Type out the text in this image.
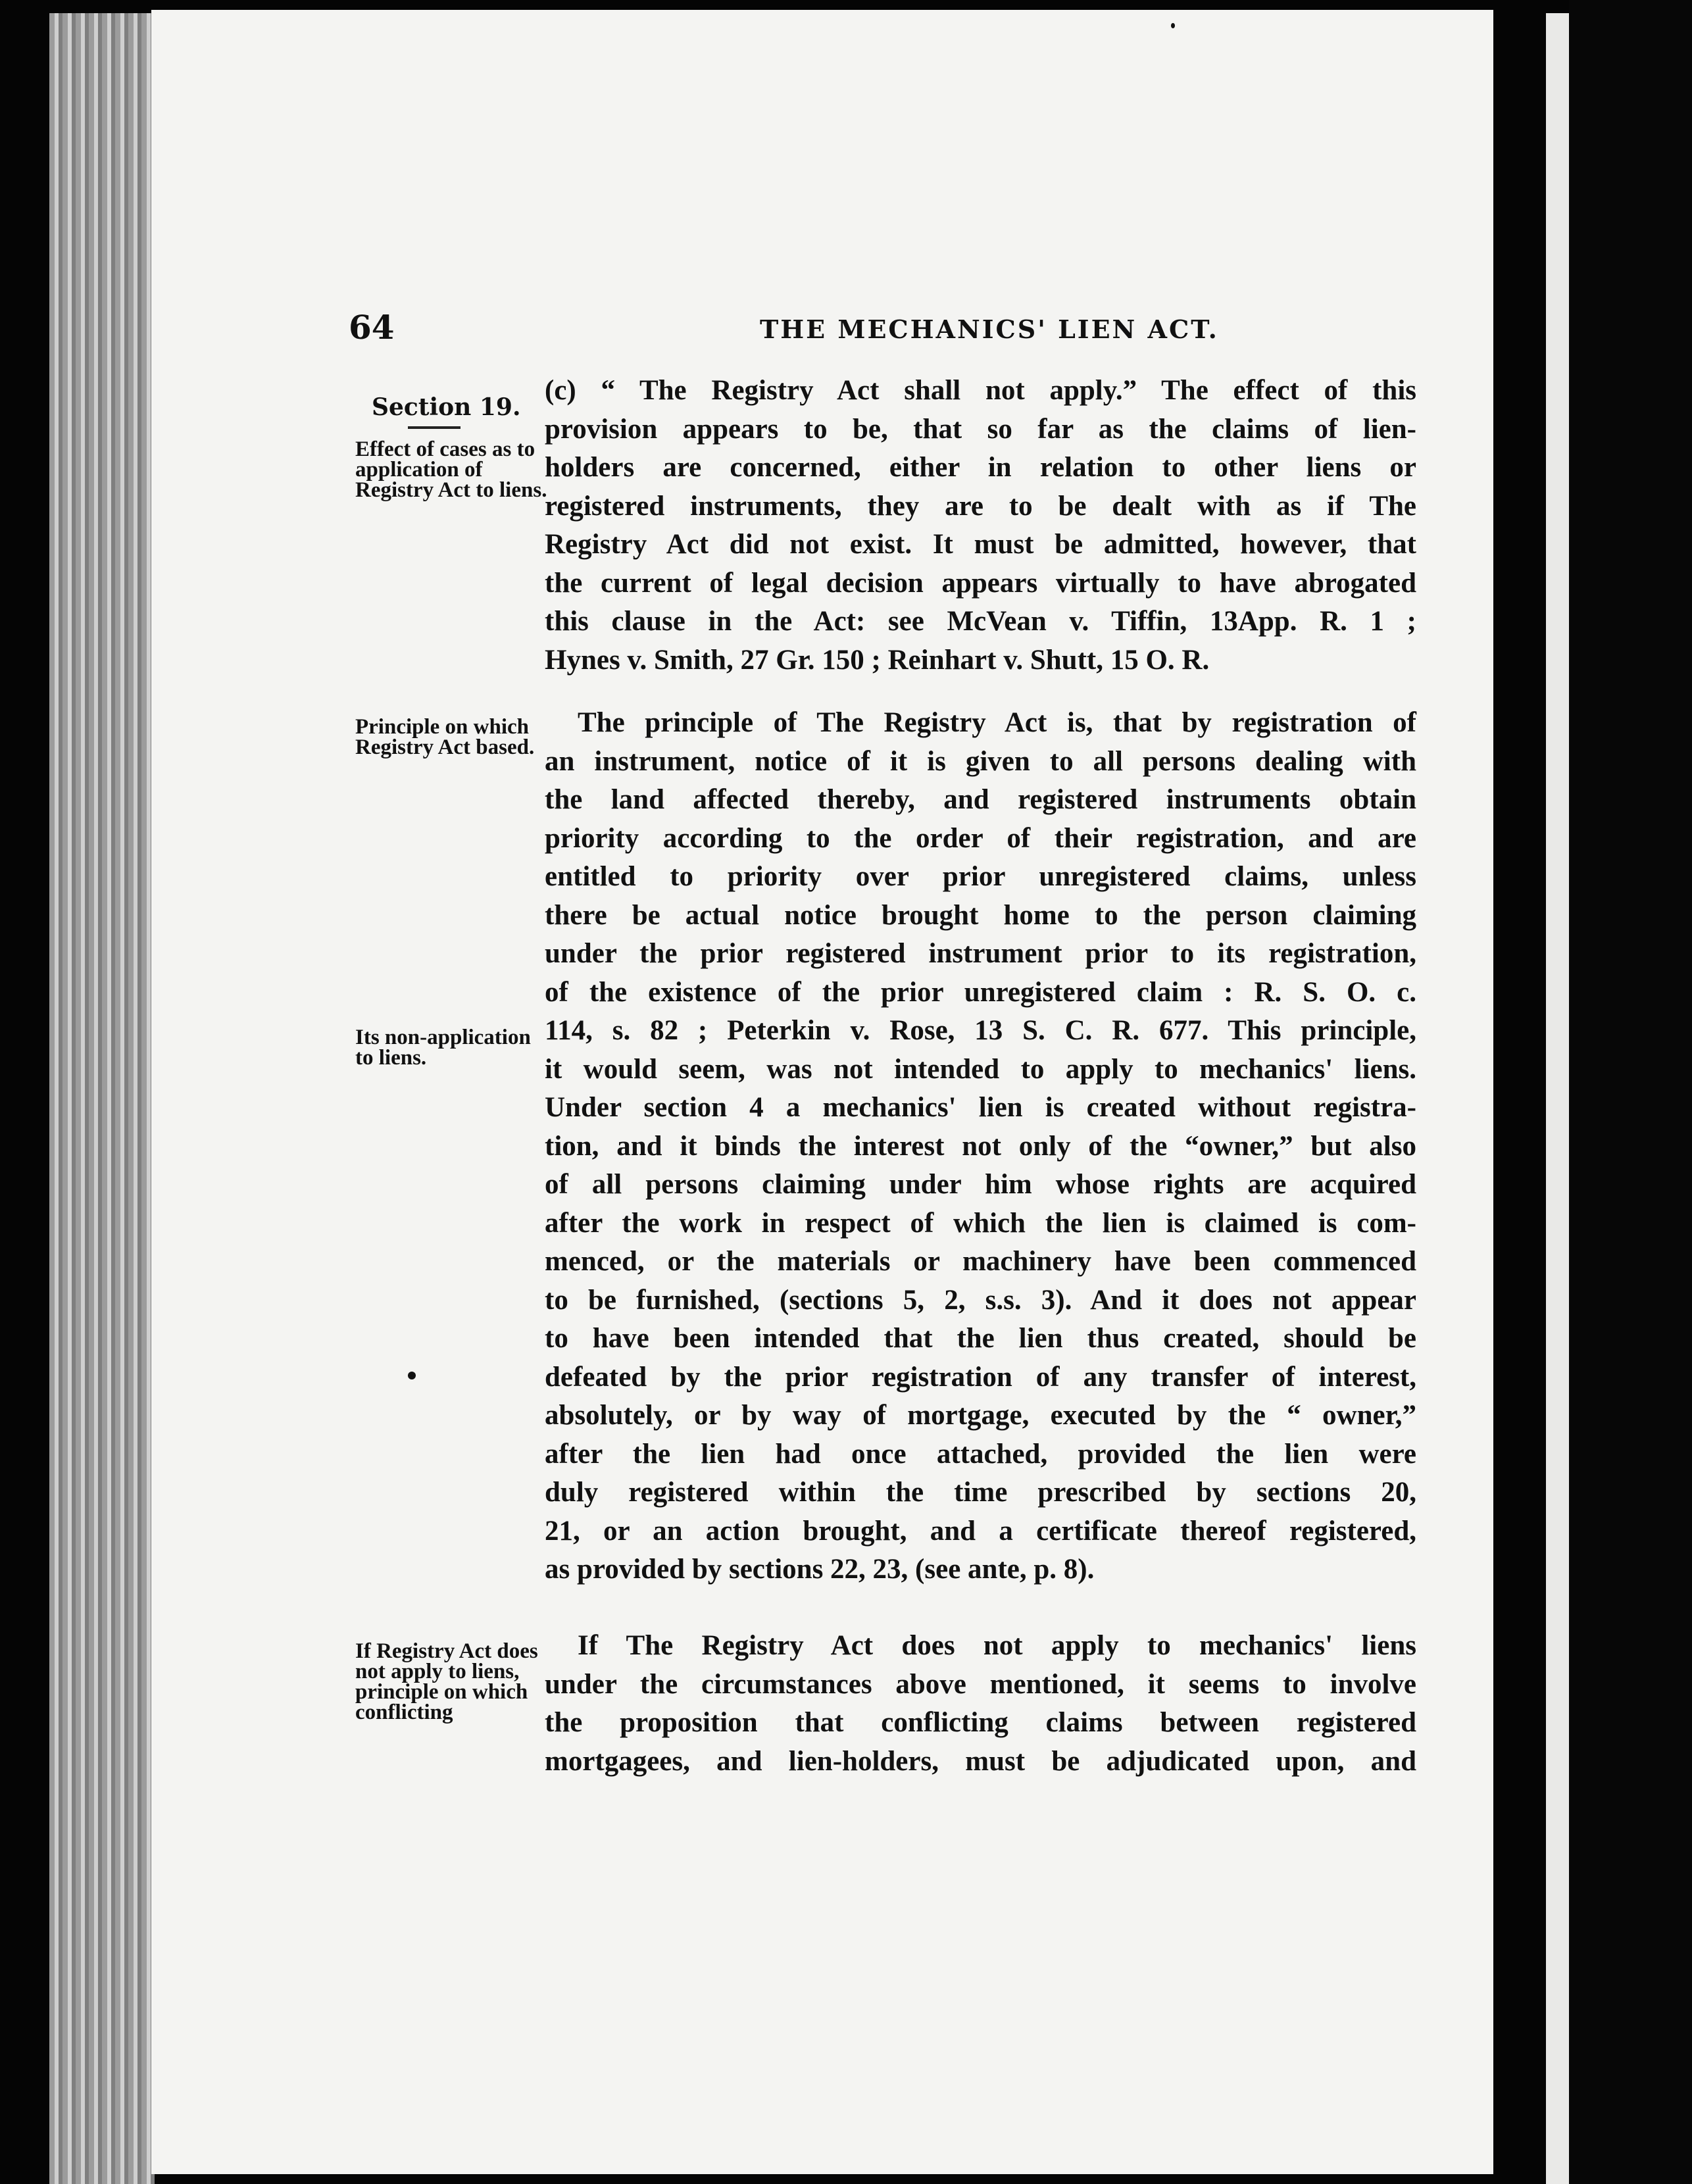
64	THE MECHANICS' LIEN ACT.
Section 19.
Effect of cases as to application of Registry Act to liens.
Principle on which Registry Act based.
Its non-application to liens.
If Registry Act does not apply to liens, principle on which conflicting
(c) “ The Registry Act shall not apply.” The effect of this
provision appears to be, that so far as the claims of lien-
holders are concerned, either in relation to other liens or
registered instruments, they are to be dealt with as if The
Registry Act did not exist. It must be admitted, however, that
the current of legal decision appears virtually to have abrogated
this clause in the Act: see McVean v. Tiffin, 13App. R. 1 ;
Hynes v. Smith, 27 Gr. 150 ; Reinhart v. Shutt, 15 O. R.
The principle of The Registry Act is, that by registration of
an instrument, notice of it is given to all persons dealing with
the land affected thereby, and registered instruments obtain
priority according to the order of their registration, and are
entitled to priority over prior unregistered claims, unless
there be actual notice brought home to the person claiming
under the prior registered instrument prior to its registration,
of the existence of the prior unregistered claim : R. S. O. c.
114, s. 82 ; Peterkin v. Rose, 13 S. C. R. 677. This principle,
it would seem, was not intended to apply to mechanics' liens.
Under section 4 a mechanics' lien is created without registra-
tion, and it binds the interest not only of the “owner,” but also
of all persons claiming under him whose rights are acquired
after the work in respect of which the lien is claimed is com-
menced, or the materials or machinery have been commenced
to be furnished, (sections 5, 2, s.s. 3). And it does not appear
to have been intended that the lien thus created, should be
defeated by the prior registration of any transfer of interest,
absolutely, or by way of mortgage, executed by the “ owner,”
after the lien had once attached, provided the lien were
duly registered within the time prescribed by sections 20,
21, or an action brought, and a certificate thereof registered,
as provided by sections 22, 23, (see ante, p. 8).
If The Registry Act does not apply to mechanics' liens
under the circumstances above mentioned, it seems to involve
the proposition that conflicting claims between registered
mortgagees, and lien-holders, must be adjudicated upon, and
